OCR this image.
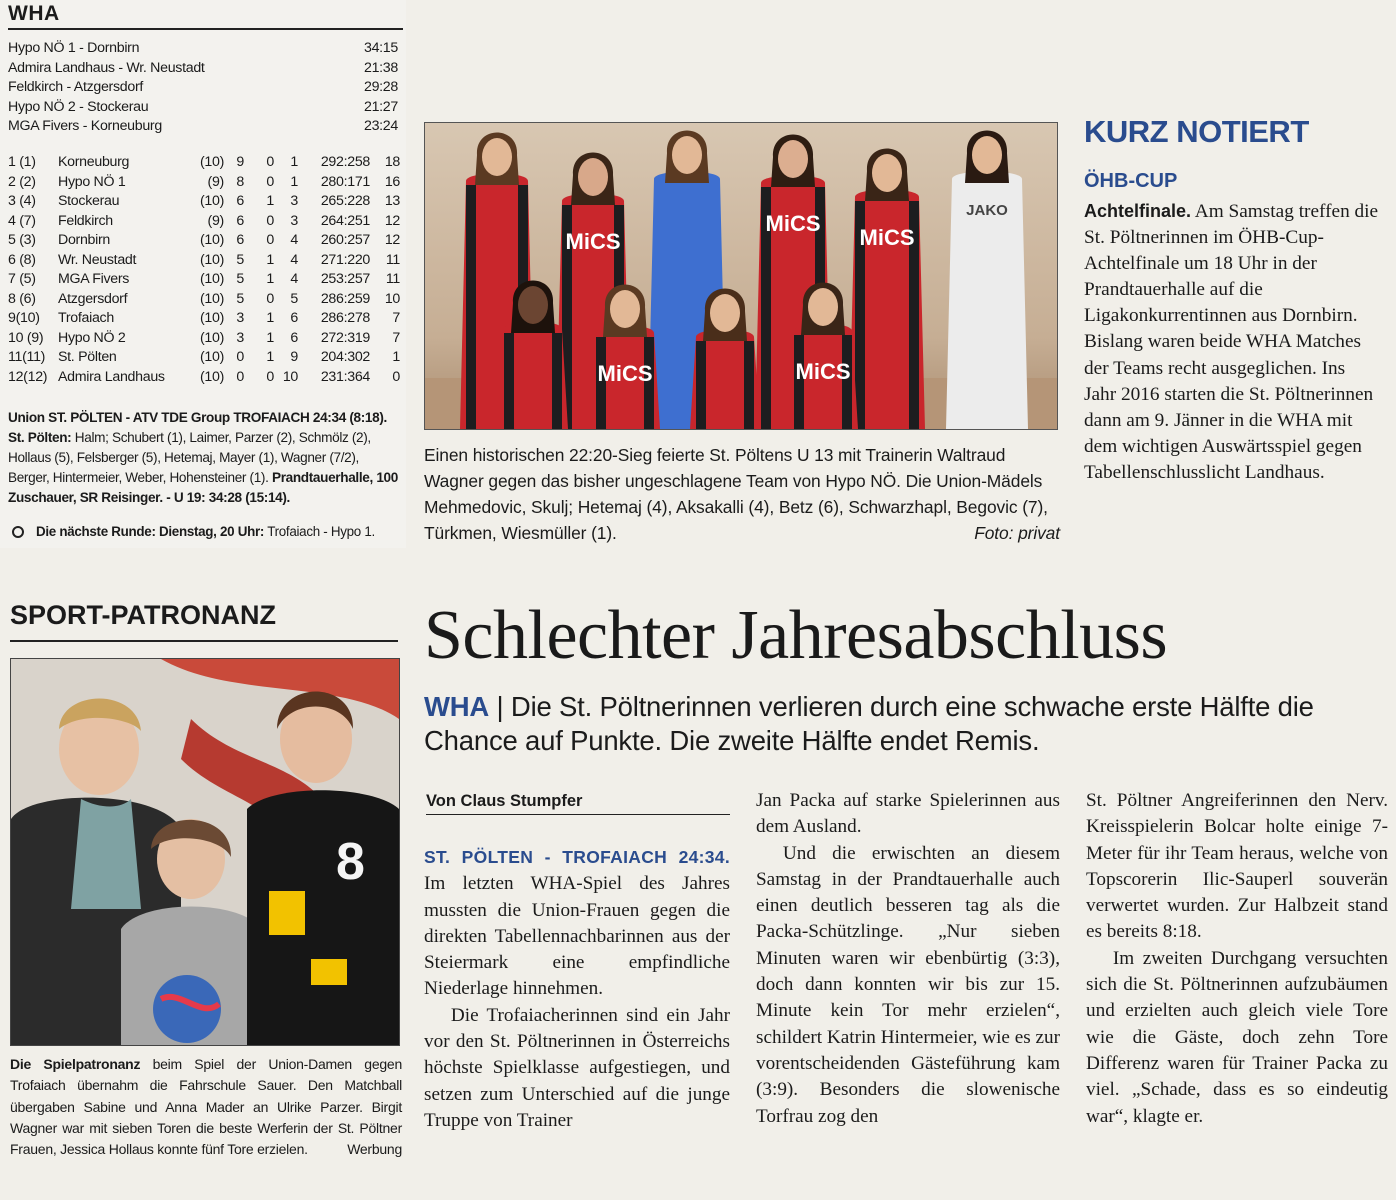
WHA
Hypo NÖ 1 - Dornbirn	34:15
Admira Landhaus - Wr. Neustadt	21:38
Feldkirch - Atzgersdorf	29:28
Hypo NÖ 2 - Stockerau	21:27
MGA Fivers - Korneuburg	23:24
1 (1)	Korneuburg	(10) 9	0	1	292:258	18
2 (2)	Hypo NÖ 1	(9) 8	0	1	280:171	16
3 (4)	Stockerau	(10) 6	1	3	265:228	13
4 (7)	Feldkirch	(9) 6	0	3	264:251	12
5 (3)	Dornbirn	(10) 6	0	4	260:257	12
6 (8)	Wr. Neustadt	(10) 5	1	4	271:220	11
7 (5)	MGA Fivers	(10) 5	1	4	253:257	11
8 (6)	Atzgersdorf	(10) 5	0	5	286:259	10
9(10)	Trofaiach	(10) 3	1	6	286:278	7
10 (9)	Hypo NÖ 2	(10) 3	1	6	272:319	7
11(11) St. Pölten	(10) 0	1	9	204:302	1
12(12) Admira Landhaus	(10) 0	0 10	231:364	0
Union ST. PÖLTEN - ATV TDE Group TROFAIACH 24:34 (8:18).
St. Pölten: Halm; Schubert (1), Laimer, Parzer (2), Schmölz (2), Hollaus (5), Felsberger (5), Hetemaj, Mayer (1), Wagner (7/2), Berger, Hintermeier, Weber, Hohensteiner (1). Prandtauerhalle, 100 Zuschauer, SR Reisinger. - U 19: 34:28 (15:14).
Die nächste Runde: Dienstag, 20 Uhr: Trofaiach - Hypo 1.
MiCS
MiCS
MiCS
JAKO
MiCS	MiCS
Einen historischen 22:20-Sieg feierte St. Pöltens U 13 mit Trainerin Waltraud Wagner gegen das bisher ungeschlagene Team von Hypo NÖ. Die Union-Mädels Mehmedovic, Skulj; Hetemaj (4), Aksakalli (4), Betz (6), Schwarzhapl, Begovic (7), Türkmen, Wiesmüller (1).	Foto: privat
KURZ NOTIERT
ÖHB-CUP
Achtelfinale. Am Samstag treffen die St. Pöltnerinnen im ÖHB-Cup-Achtelfinale um 18 Uhr in der Prandtauerhalle auf die Ligakonkurrentinnen aus Dornbirn. Bislang waren beide WHA Matches der Teams recht ausgeglichen. Ins Jahr 2016 starten die St. Pöltnerinnen dann am 9. Jänner in die WHA mit dem wichtigen Auswärtsspiel gegen Tabellenschlusslicht Landhaus.
SPORT-PATRONANZ
8
Die Spielpatronanz beim Spiel der Union-Damen gegen Trofaiach übernahm die Fahrschule Sauer. Den Matchball übergaben Sabine und Anna Mader an Ulrike Parzer. Birgit Wagner war mit sieben Toren die beste Werferin der St. Pöltner Frauen, Jessica Hollaus konnte fünf Tore erzielen.	Werbung
Schlechter Jahresabschluss
WHA | Die St. Pöltnerinnen verlieren durch eine schwache erste Hälfte die Chance auf Punkte. Die zweite Hälfte endet Remis.
Von Claus Stumpfer

ST. PÖLTEN - TROFAIACH 24:34. Im letzten WHA-Spiel des Jahres mussten die Union-Frauen gegen die direkten Tabellennachbarinnen aus der Steiermark eine empfindliche Niederlage hinnehmen.

Die Trofaiacherinnen sind ein Jahr vor den St. Pöltnerinnen in Österreichs höchste Spielklasse aufgestiegen, und setzen zum Unterschied auf die junge Truppe von Trainer

Jan Packa auf starke Spielerinnen aus dem Ausland.

Und die erwischten an diesem Samstag in der Prandtauerhalle auch einen deutlich besseren tag als die Packa-Schützlinge. „Nur sieben Minuten waren wir ebenbürtig (3:3), doch dann konnten wir bis zur 15. Minute kein Tor mehr erzielen“, schildert Katrin Hintermeier, wie es zur vorentscheidenden Gästeführung kam (3:9). Besonders die slowenische Torfrau zog den

St. Pöltner Angreiferinnen den Nerv. Kreisspielerin Bolcar holte einige 7-Meter für ihr Team heraus, welche von Topscorerin Ilic-Sauperl souverän verwertet wurden. Zur Halbzeit stand es bereits 8:18.

Im zweiten Durchgang versuchten sich die St. Pöltnerinnen aufzubäumen und erzielten auch gleich viele Tore wie die Gäste, doch zehn Tore Differenz waren für Trainer Packa zu viel. „Schade, dass es so eindeutig war“, klagte er.
